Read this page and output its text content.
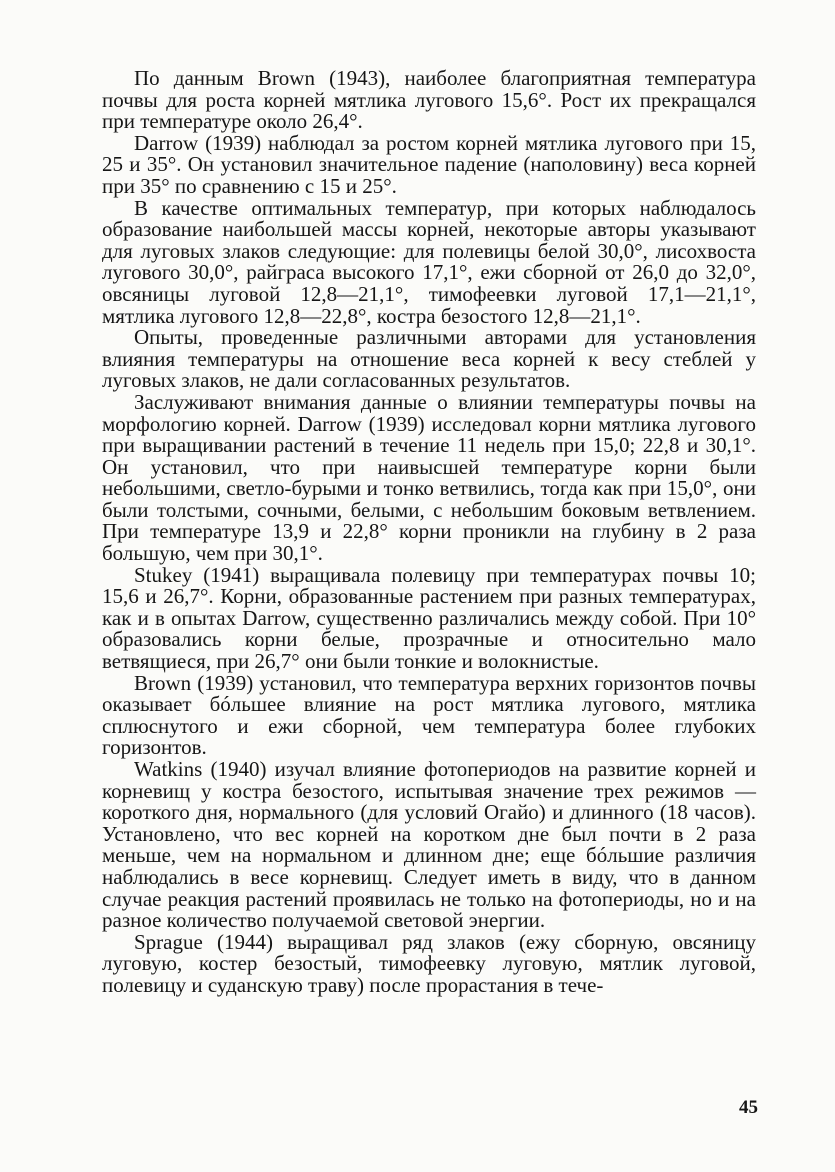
По данным Brown (1943), наиболее благоприятная температура почвы для роста корней мятлика лугового 15,6°. Рост их прекращался при температуре около 26,4°.

Darrow (1939) наблюдал за ростом корней мятлика лугового при 15, 25 и 35°. Он установил значительное падение (наполовину) веса корней при 35° по сравнению с 15 и 25°.

В качестве оптимальных температур, при которых наблюдалось образование наибольшей массы корней, некоторые авторы указывают для луговых злаков следующие: для полевицы белой 30,0°, лисохвоста лугового 30,0°, райграса высокого 17,1°, ежи сборной от 26,0 до 32,0°, овсяницы луговой 12,8—21,1°, тимофеевки луговой 17,1—21,1°, мятлика лугового 12,8—22,8°, костра безостого 12,8—21,1°.

Опыты, проведенные различными авторами для установления влияния температуры на отношение веса корней к весу стеблей у луговых злаков, не дали согласованных результатов.

Заслуживают внимания данные о влиянии температуры почвы на морфологию корней. Darrow (1939) исследовал корни мятлика лугового при выращивании растений в течение 11 недель при 15,0; 22,8 и 30,1°. Он установил, что при наивысшей температуре корни были небольшими, светло-бурыми и тонко ветвились, тогда как при 15,0°, они были толстыми, сочными, белыми, с небольшим боковым ветвлением. При температуре 13,9 и 22,8° корни проникли на глубину в 2 раза большую, чем при 30,1°.

Stukey (1941) выращивала полевицу при температурах почвы 10; 15,6 и 26,7°. Корни, образованные растением при разных температурах, как и в опытах Darrow, существенно различались между собой. При 10° образовались корни белые, прозрачные и относительно мало ветвящиеся, при 26,7° они были тонкие и волокнистые.

Brown (1939) установил, что температура верхних горизонтов почвы оказывает бóльшее влияние на рост мятлика лугового, мятлика сплюснутого и ежи сборной, чем температура более глубоких горизонтов.

Watkins (1940) изучал влияние фотопериодов на развитие корней и корневищ у костра безостого, испытывая значение трех режимов — короткого дня, нормального (для условий Огайо) и длинного (18 часов). Установлено, что вес корней на коротком дне был почти в 2 раза меньше, чем на нормальном и длинном дне; еще бóльшие различия наблюдались в весе корневищ. Следует иметь в виду, что в данном случае реакция растений проявилась не только на фотопериоды, но и на разное количество получаемой световой энергии.

Sprague (1944) выращивал ряд злаков (ежу сборную, овсяницу луговую, костер безостый, тимофеевку луговую, мятлик луговой, полевицу и суданскую траву) после прорастания в тече-

45
